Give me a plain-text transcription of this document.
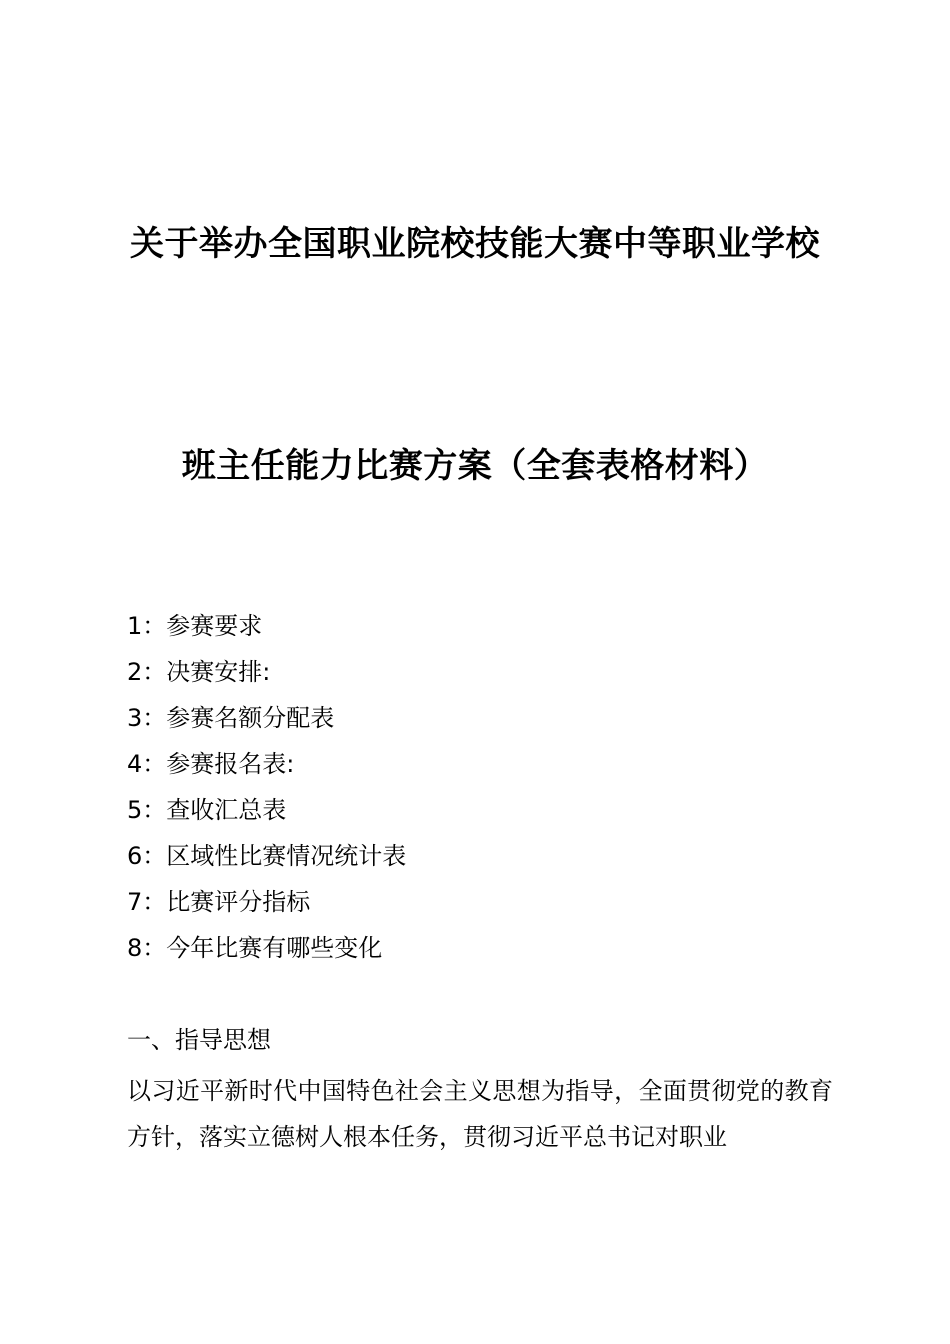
关于举办全国职业院校技能大赛中等职业学校
班主任能力比赛方案（全套表格材料）
1：参赛要求
2：决赛安排:
3：参赛名额分配表
4：参赛报名表:
5：查收汇总表
6：区域性比赛情况统计表
7：比赛评分指标
8：今年比赛有哪些变化
一、指导思想

以习近平新时代中国特色社会主义思想为指导，全面贯彻党的教育方针，落实立德树人根本任务，贯彻习近平总书记对职业
